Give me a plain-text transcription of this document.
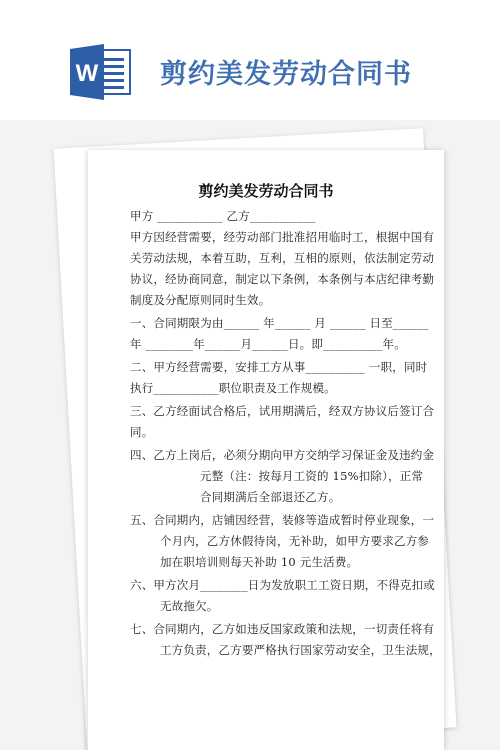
W 剪约美发劳动合同书
剪约美发劳动合同书
甲方 ___________ 乙方___________
甲方因经营需要，经劳动部门批准招用临时工，根据中国有
关劳动法规，本着互助，互利，互相的原则，依法制定劳动
协议，经协商同意，制定以下条例，本条例与本店纪律考勤
制度及分配原则同时生效。
一、合同期限为由______ 年______ 月 ______ 日至______
年 ________年______月______日。即__________年。
二、甲方经营需要，安排工方从事__________ 一职，同时
执行___________职位职责及工作规模。
三、乙方经面试合格后，试用期满后，经双方协议后签订合
同。
四、乙方上岗后，必须分期向甲方交纳学习保证金及违约金
元整（注：按每月工资的 15%扣除），正常
合同期满后全部退还乙方。
五、合同期内，店铺因经营，装修等造成暂时停业现象，一
个月内，乙方休假待岗，无补助，如甲方要求乙方参
加在职培训则每天补助 10 元生活费。
六、甲方次月________日为发放职工工资日期，不得克扣或
无故拖欠。
七、合同期内，乙方如违反国家政策和法规，一切责任将有
工方负责，乙方要严格执行国家劳动安全，卫生法规，
